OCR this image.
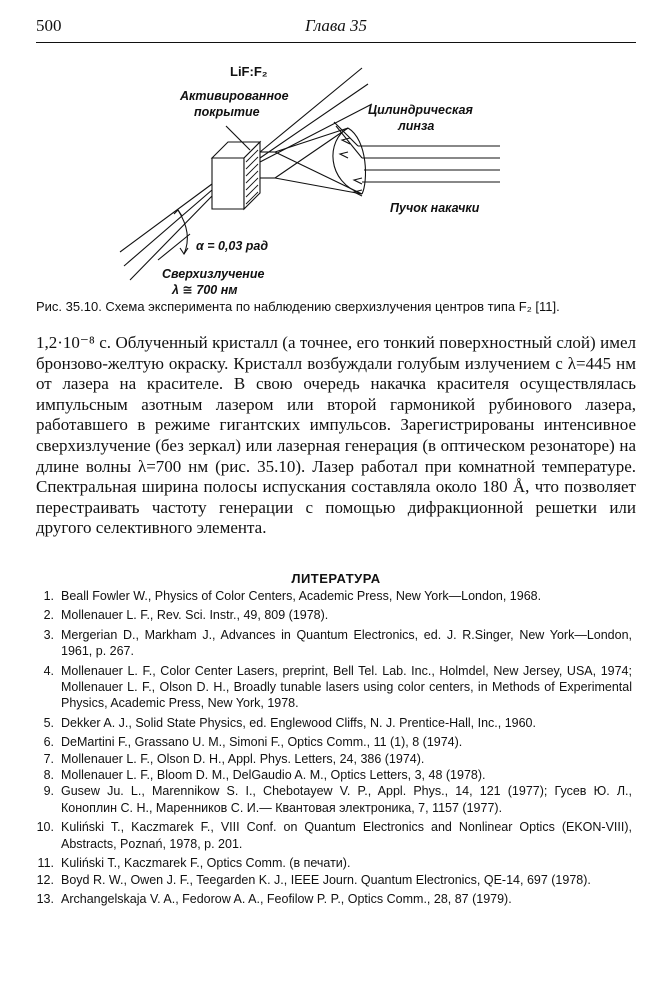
500	Глава 35
LiF:F₂
Активированное
покрытие	Цилиндрическая
линза
Пучок накачки
α = 0,03 рад
Сверхизлучение
λ ≅ 700 нм
Рис. 35.10. Схема эксперимента по наблюдению сверхизлучения центров типа F₂ [11].
1,2·10⁻⁸ с. Облученный кристалл (а точнее, его тонкий поверхностный слой) имел бронзово-желтую окраску. Кристалл возбуждали голубым излучением с λ=445 нм от лазера на красителе. В свою очередь накачка красителя осуществлялась импульсным азотным лазером или второй гармоникой рубинового лазера, работавшего в режиме гигантских импульсов. Зарегистрированы интенсивное сверхизлучение (без зеркал) или лазерная генерация (в оптическом резонаторе) на длине волны λ=700 нм (рис. 35.10). Лазер работал при комнатной температуре. Спектральная ширина полосы испускания составляла около 180 Å, что позволяет перестраивать частоту генерации с помощью дифракционной решетки или другого селективного элемента.
ЛИТЕРАТУРА
1. Beall Fowler W., Physics of Color Centers, Academic Press, New York—London, 1968.
2. Mollenauer L. F., Rev. Sci. Instr., 49, 809 (1978).
3. Mergerian D., Markham J., Advances in Quantum Electronics, ed. J. R.Singer, New York—London, 1961, p. 267.
4. Mollenauer L. F., Color Center Lasers, preprint, Bell Tel. Lab. Inc., Holmdel, New Jersey, USA, 1974; Mollenauer L. F., Olson D. H., Broadly tunable lasers using color centers, in Methods of Experimental Physics, Academic Press, New York, 1978.
5. Dekker A. J., Solid State Physics, ed. Englewood Cliffs, N. J. Prentice-Hall, Inc., 1960.
6. DeMartini F., Grassano U. M., Simoni F., Optics Comm., 11 (1), 8 (1974).
7. Mollenauer L. F., Olson D. H., Appl. Phys. Letters, 24, 386 (1974).
8. Mollenauer L. F., Bloom D. M., DelGaudio A. M., Optics Letters, 3, 48 (1978).
9. Gusew Ju. L., Marennikow S. I., Chebotayew V. P., Appl. Phys., 14, 121 (1977); Гусев Ю. Л., Коноплин С. Н., Маренников С. И.— Квантовая электроника, 7, 1157 (1977).
10. Kuliński T., Kaczmarek F., VIII Conf. on Quantum Electronics and Nonlinear Optics (EKON-VIII), Abstracts, Poznań, 1978, p. 201.
11. Kuliński T., Kaczmarek F., Optics Comm. (в печати).
12. Boyd R. W., Owen J. F., Teegarden K. J., IEEE Journ. Quantum Electronics, QE-14, 697 (1978).
13. Archangelskaja V. A., Fedorow A. A., Feofilow P. P., Optics Comm., 28, 87 (1979).
